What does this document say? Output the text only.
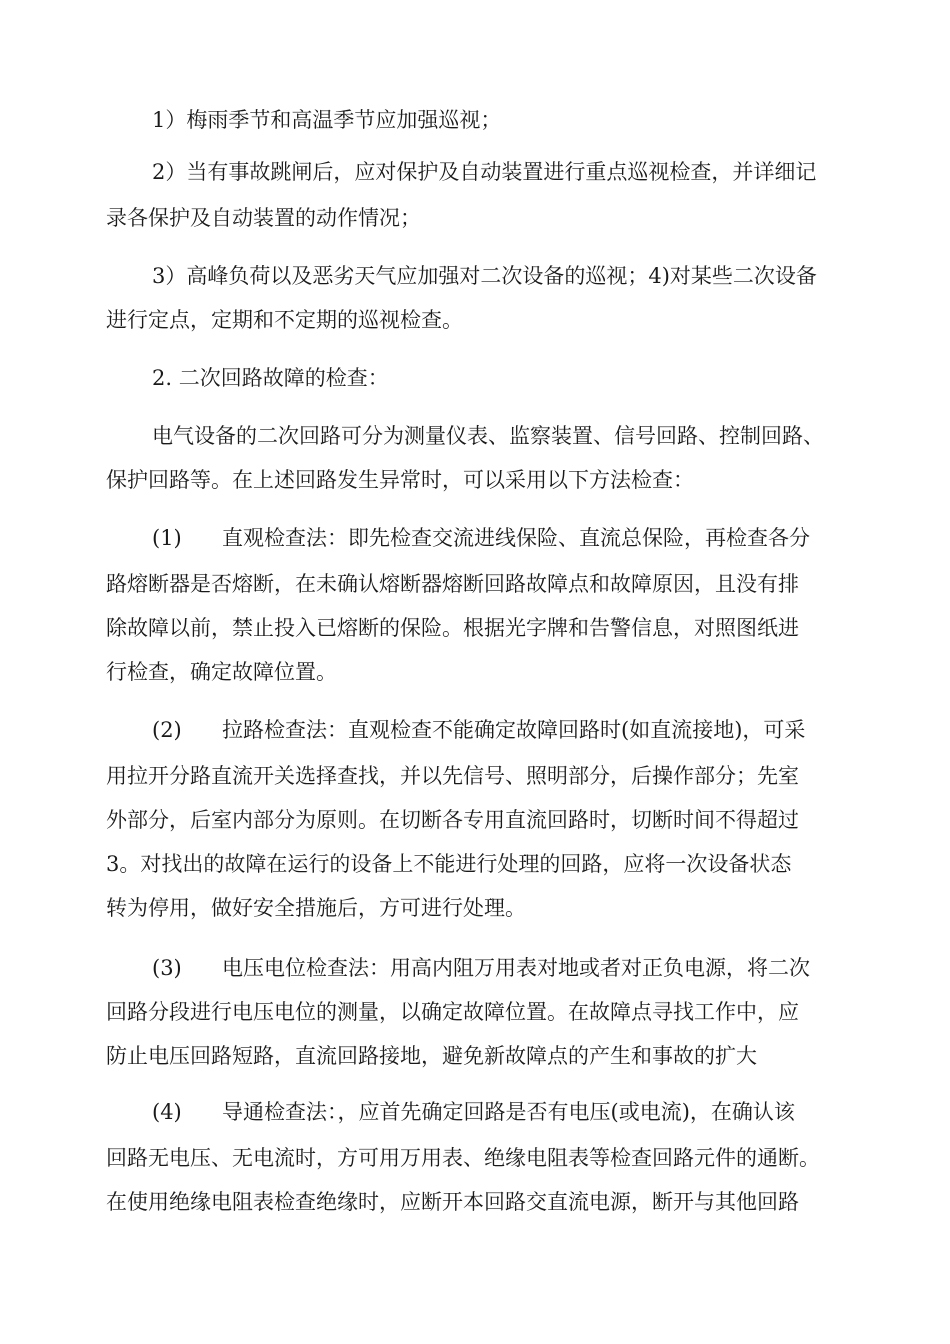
1）梅雨季节和高温季节应加强巡视；
2）当有事故跳闸后，应对保护及自动装置进行重点巡视检查，并详细记
录各保护及自动装置的动作情况；
3）高峰负荷以及恶劣天气应加强对二次设备的巡视；4)对某些二次设备
进行定点，定期和不定期的巡视检查。
2. 二次回路故障的检查：
电气设备的二次回路可分为测量仪表、监察装置、信号回路、控制回路、
保护回路等。在上述回路发生异常时，可以采用以下方法检查：
(1) 直观检查法：即先检查交流进线保险、直流总保险，再检查各分
路熔断器是否熔断，在未确认熔断器熔断回路故障点和故障原因，且没有排
除故障以前，禁止投入已熔断的保险。根据光字牌和告警信息，对照图纸进
行检查，确定故障位置。
(2) 拉路检查法：直观检查不能确定故障回路时(如直流接地)，可采
用拉开分路直流开关选择查找，并以先信号、照明部分，后操作部分；先室
外部分，后室内部分为原则。在切断各专用直流回路时，切断时间不得超过
3。对找出的故障在运行的设备上不能进行处理的回路，应将一次设备状态
转为停用，做好安全措施后，方可进行处理。
(3) 电压电位检查法：用高内阻万用表对地或者对正负电源，将二次
回路分段进行电压电位的测量，以确定故障位置。在故障点寻找工作中，应
防止电压回路短路，直流回路接地，避免新故障点的产生和事故的扩大
(4) 导通检查法：，应首先确定回路是否有电压(或电流)，在确认该
回路无电压、无电流时，方可用万用表、绝缘电阻表等检查回路元件的通断。
在使用绝缘电阻表检查绝缘时，应断开本回路交直流电源，断开与其他回路
